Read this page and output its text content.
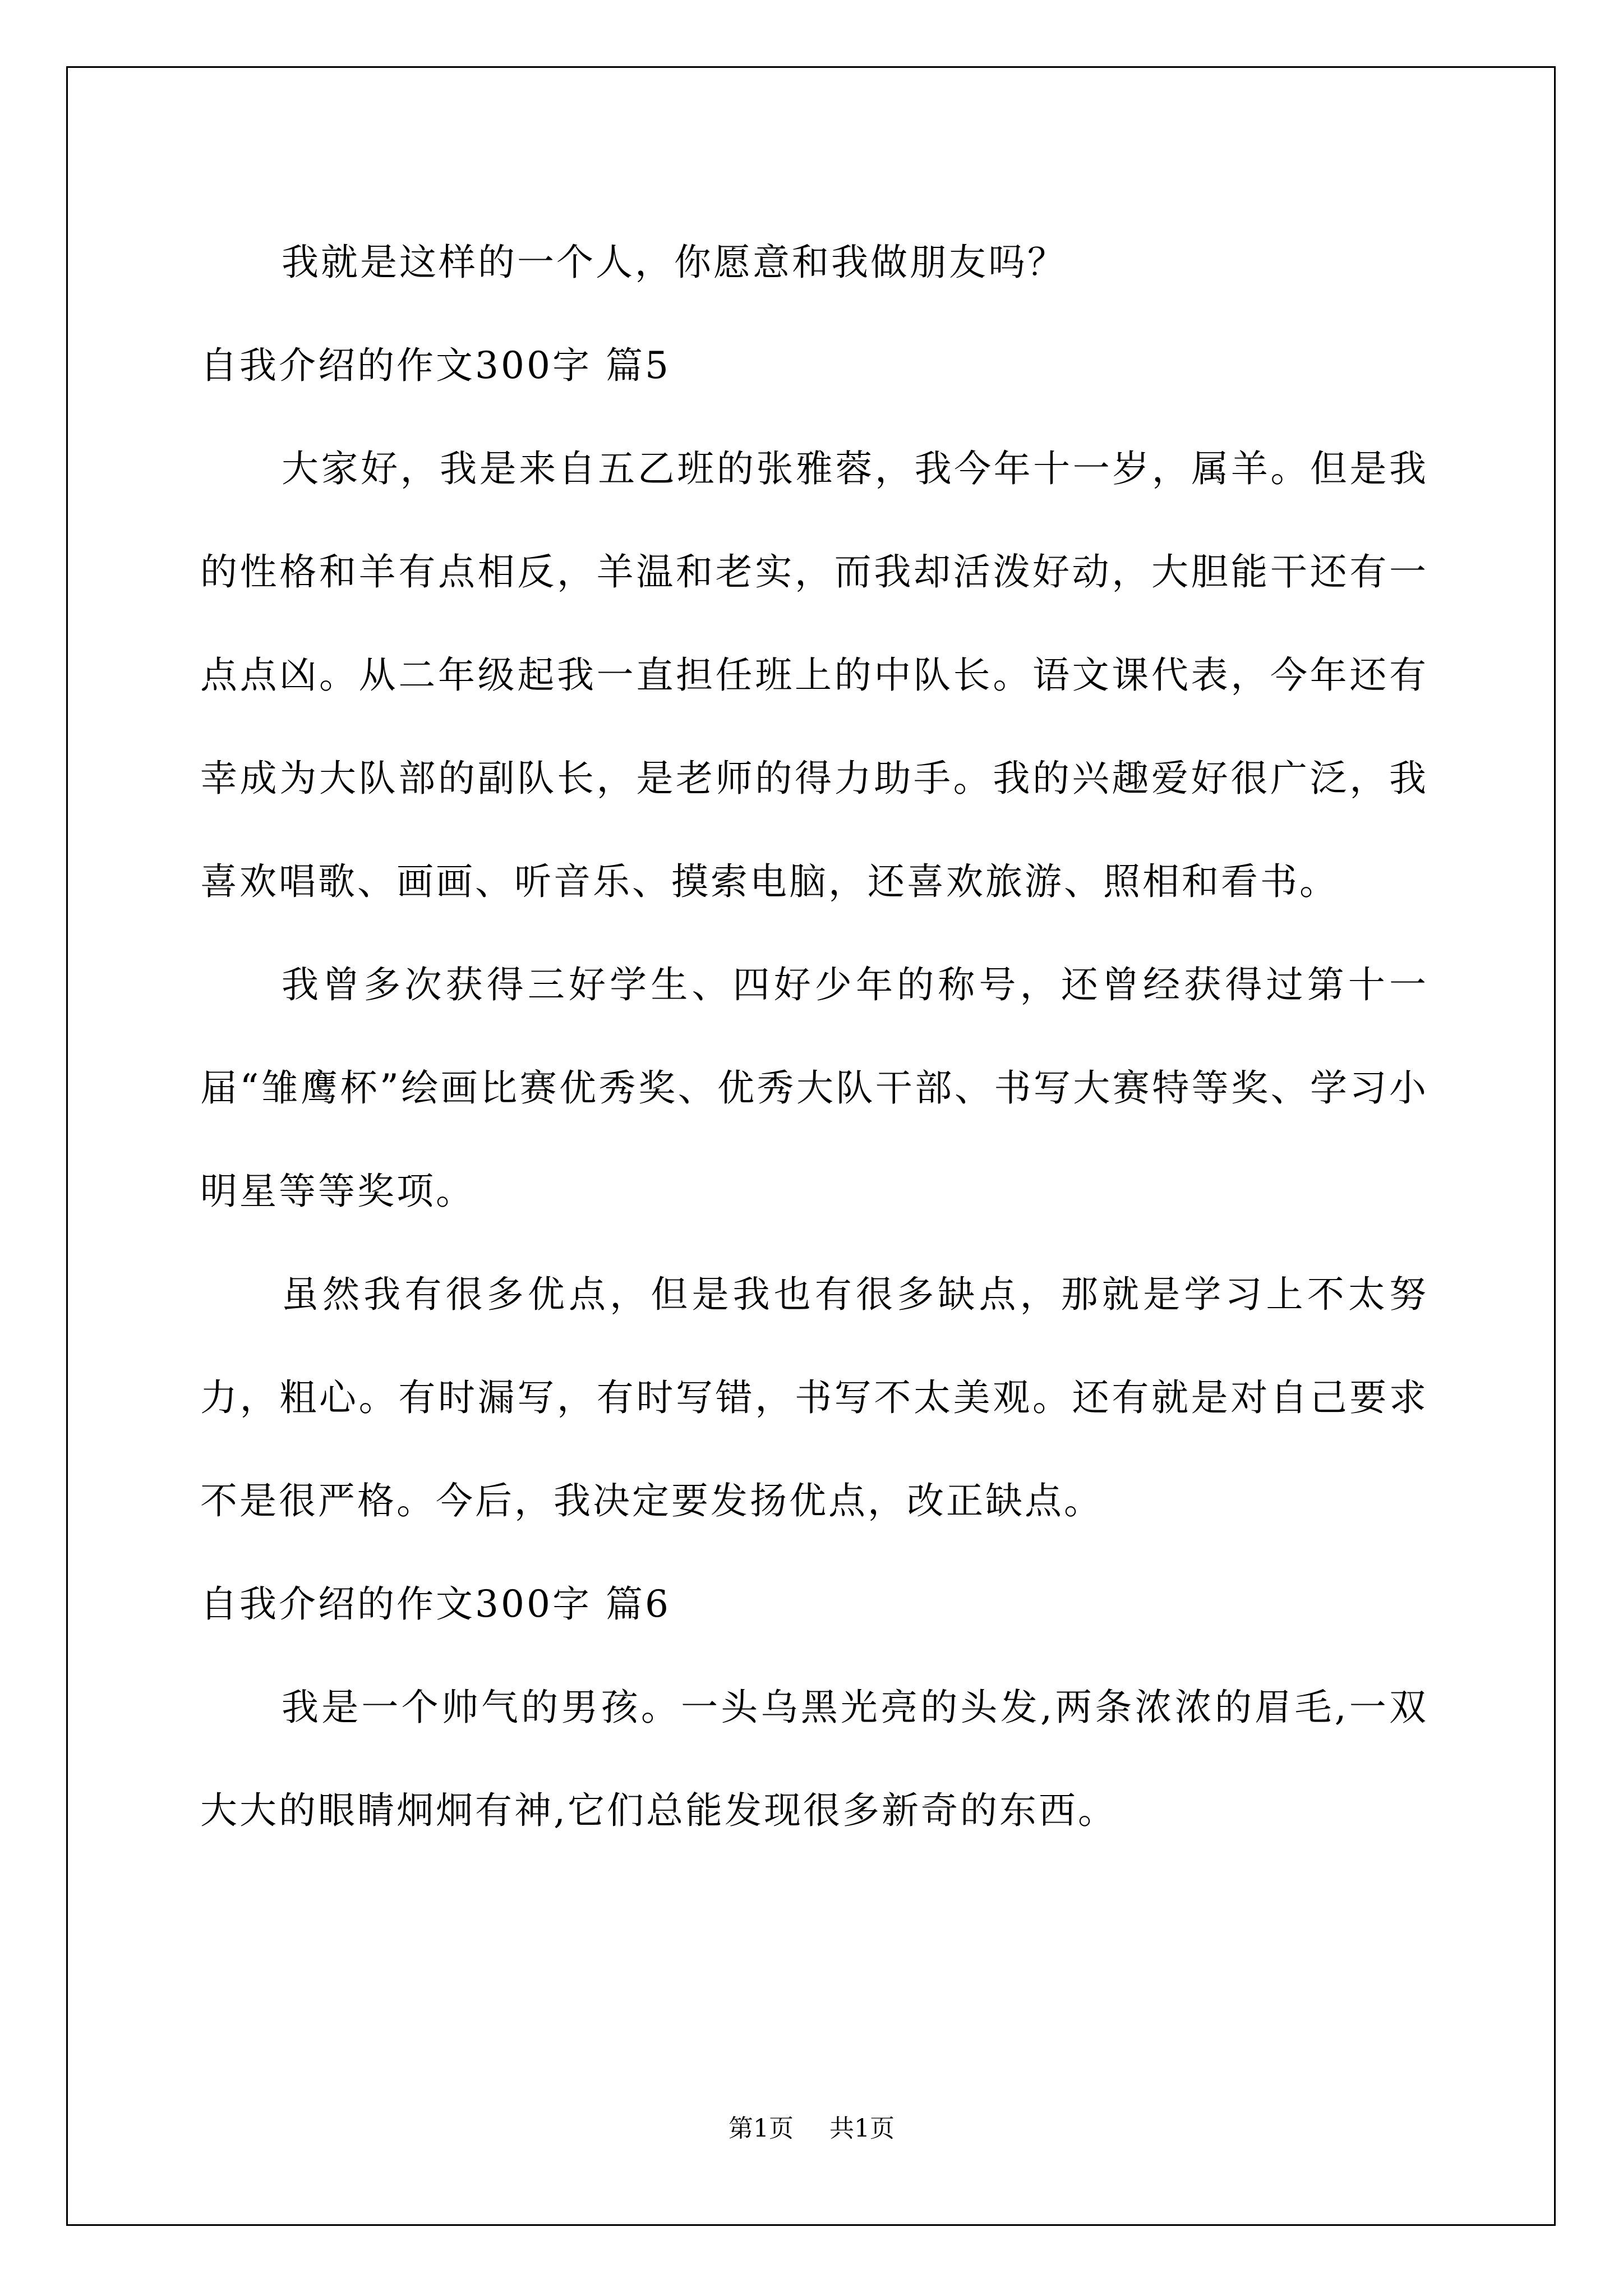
我就是这样的一个人，你愿意和我做朋友吗？

自我介绍的作文300字 篇5

大家好，我是来自五乙班的张雅蓉，我今年十一岁，属羊。但是我的性格和羊有点相反，羊温和老实，而我却活泼好动，大胆能干还有一点点凶。从二年级起我一直担任班上的中队长。语文课代表，今年还有幸成为大队部的副队长，是老师的得力助手。我的兴趣爱好很广泛，我喜欢唱歌、画画、听音乐、摸索电脑，还喜欢旅游、照相和看书。

我曾多次获得三好学生、四好少年的称号，还曾经获得过第十一届“雏鹰杯”绘画比赛优秀奖、优秀大队干部、书写大赛特等奖、学习小明星等等奖项。

虽然我有很多优点，但是我也有很多缺点，那就是学习上不太努力，粗心。有时漏写，有时写错，书写不太美观。还有就是对自己要求不是很严格。今后，我决定要发扬优点，改正缺点。

自我介绍的作文300字 篇6

我是一个帅气的男孩。一头乌黑光亮的头发,两条浓浓的眉毛,一双大大的眼睛炯炯有神,它们总能发现很多新奇的东西。

第1页 共1页
